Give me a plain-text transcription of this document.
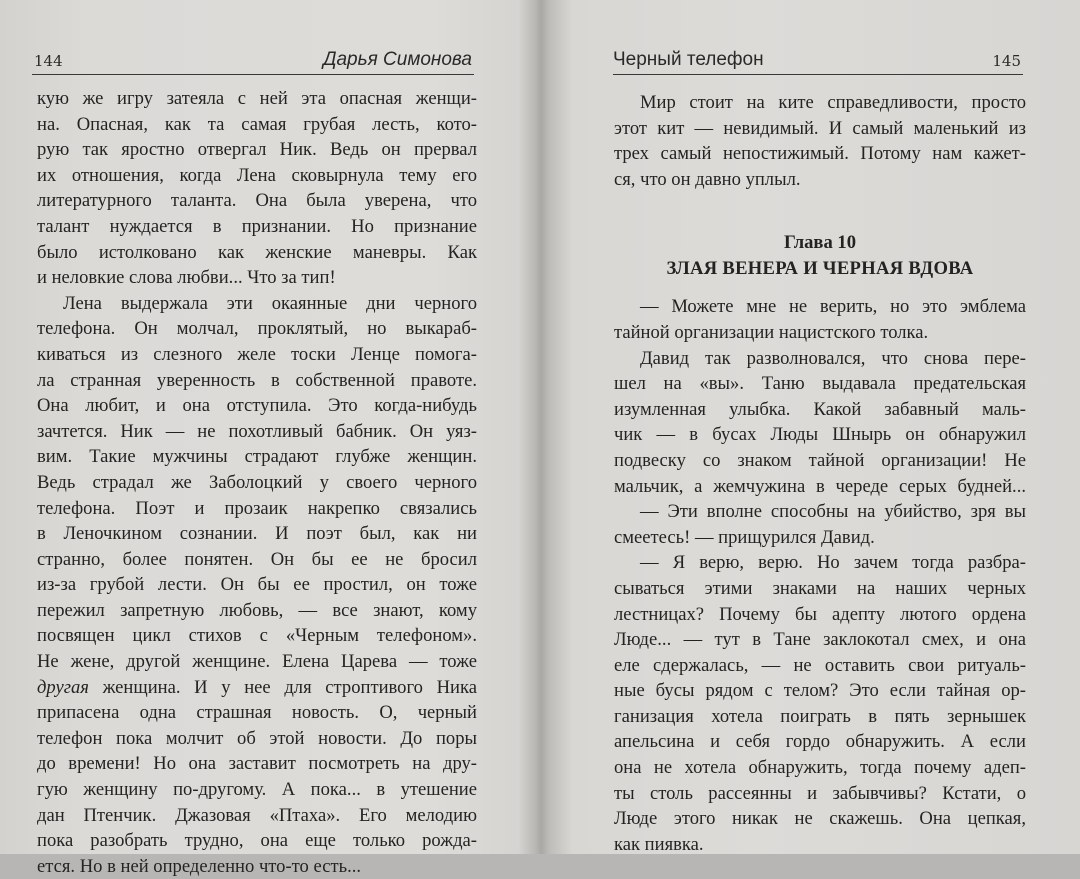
144	Дарья Симонова
кую же игру затеяла с ней эта опасная женщи-
на. Опасная, как та самая грубая лесть, кото-
рую так яростно отвергал Ник. Ведь он прервал
их отношения, когда Лена сковырнула тему его
литературного таланта. Она была уверена, что
талант нуждается в признании. Но признание
было истолковано как женские маневры. Как
и неловкие слова любви... Что за тип!
Лена выдержала эти окаянные дни черного
телефона. Он молчал, проклятый, но выкараб-
киваться из слезного желе тоски Ленце помога-
ла странная уверенность в собственной правоте.
Она любит, и она отступила. Это когда-нибудь
зачтется. Ник — не похотливый бабник. Он уяз-
вим. Такие мужчины страдают глубже женщин.
Ведь страдал же Заболоцкий у своего черного
телефона. Поэт и прозаик накрепко связались
в Леночкином сознании. И поэт был, как ни
странно, более понятен. Он бы ее не бросил
из-за грубой лести. Он бы ее простил, он тоже
пережил запретную любовь, — все знают, кому
посвящен цикл стихов с «Черным телефоном».
Не жене, другой женщине. Елена Царева — тоже
другая женщина. И у нее для строптивого Ника
припасена одна страшная новость. О, черный
телефон пока молчит об этой новости. До поры
до времени! Но она заставит посмотреть на дру-
гую женщину по-другому. А пока... в утешение
дан Птенчик. Джазовая «Птаха». Его мелодию
пока разобрать трудно, она еще только рожда-
ется. Но в ней определенно что-то есть...
Черный телефон	145
Мир стоит на ките справедливости, просто
этот кит — невидимый. И самый маленький из
трех самый непостижимый. Потому нам кажет-
ся, что он давно уплыл.
Глава 10
ЗЛАЯ ВЕНЕРА И ЧЕРНАЯ ВДОВА
— Можете мне не верить, но это эмблема
тайной организации нацистского толка.
Давид так разволновался, что снова пере-
шел на «вы». Таню выдавала предательская
изумленная улыбка. Какой забавный маль-
чик — в бусах Люды Шнырь он обнаружил
подвеску со знаком тайной организации! Не
мальчик, а жемчужина в череде серых будней...
— Эти вполне способны на убийство, зря вы
смеетесь! — прищурился Давид.
— Я верю, верю. Но зачем тогда разбра-
сываться этими знаками на наших черных
лестницах? Почему бы адепту лютого ордена
Люде... — тут в Тане заклокотал смех, и она
еле сдержалась, — не оставить свои ритуаль-
ные бусы рядом с телом? Это если тайная ор-
ганизация хотела поиграть в пять зернышек
апельсина и себя гордо обнаружить. А если
она не хотела обнаружить, тогда почему адеп-
ты столь рассеянны и забывчивы? Кстати, о
Люде этого никак не скажешь. Она цепкая,
как пиявка.
